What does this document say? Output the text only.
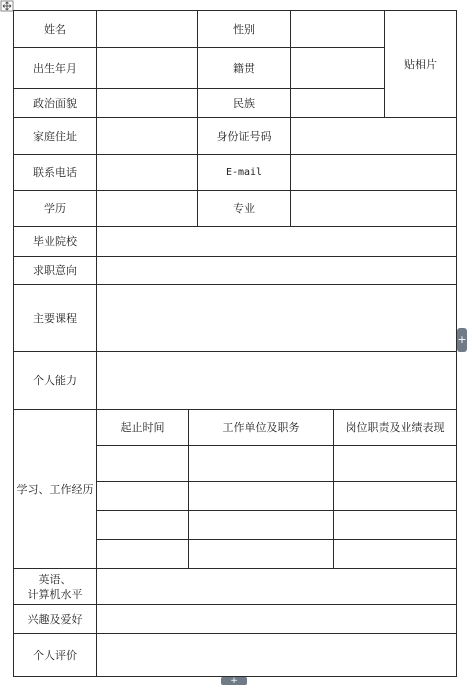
姓名	性别
贴相片
出生年月	籍贯
政治面貌	民族
家庭住址	身份证号码
联系电话	E-mail
学历	专业
毕业院校
求职意向
主要课程
个人能力
学习、工作经历
起止时间	工作单位及职务	岗位职责及业绩表现
英语、
计算机水平
兴趣及爱好
个人评价
+
+
